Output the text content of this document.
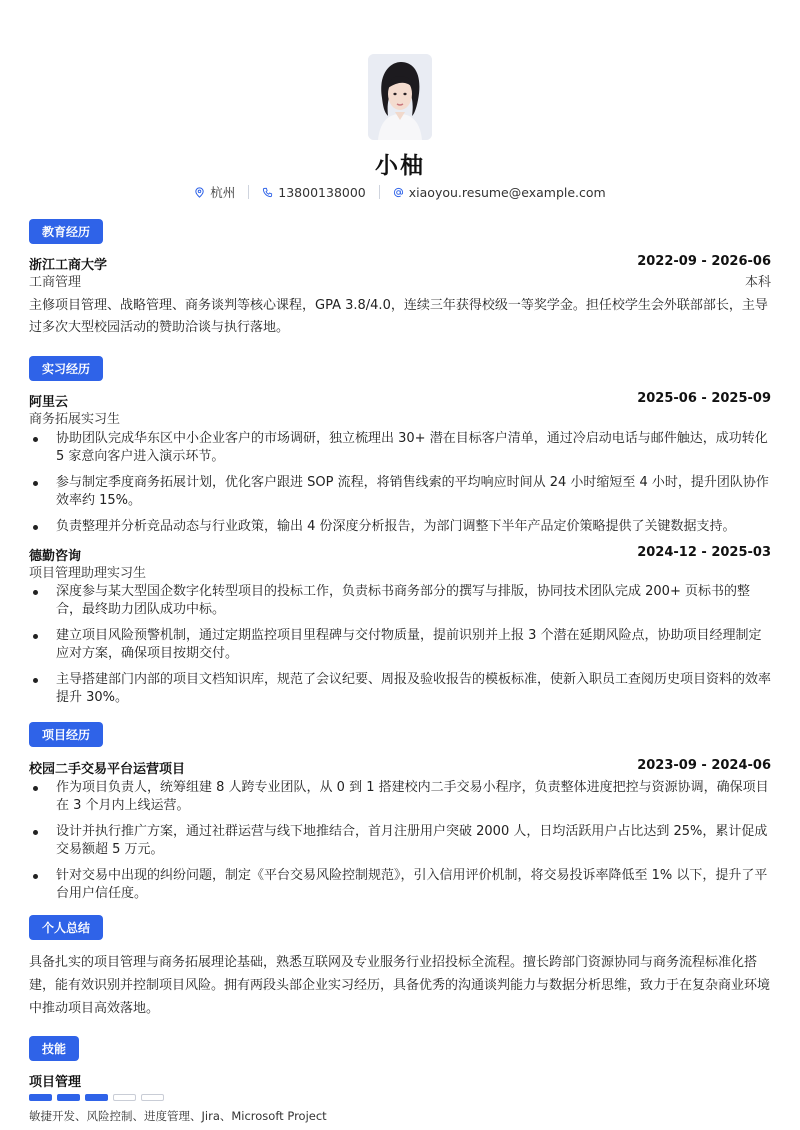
小柚
杭州	13800138000	xiaoyou.resume@example.com
教育经历
浙江工商大学	2022-09 - 2026-06
工商管理	本科
主修项目管理、战略管理、商务谈判等核心课程，GPA 3.8/4.0，连续三年获得校级一等奖学金。担任校学生会外联部部长，主导过多次大型校园活动的赞助洽谈与执行落地。
实习经历
阿里云	2025-06 - 2025-09
商务拓展实习生
协助团队完成华东区中小企业客户的市场调研，独立梳理出 30+ 潜在目标客户清单，通过冷启动电话与邮件触达，成功转化 5 家意向客户进入演示环节。
参与制定季度商务拓展计划，优化客户跟进 SOP 流程，将销售线索的平均响应时间从 24 小时缩短至 4 小时，提升团队协作效率约 15%。
负责整理并分析竞品动态与行业政策，输出 4 份深度分析报告，为部门调整下半年产品定价策略提供了关键数据支持。
德勤咨询	2024-12 - 2025-03
项目管理助理实习生
深度参与某大型国企数字化转型项目的投标工作，负责标书商务部分的撰写与排版，协同技术团队完成 200+ 页标书的整合，最终助力团队成功中标。
建立项目风险预警机制，通过定期监控项目里程碑与交付物质量，提前识别并上报 3 个潜在延期风险点，协助项目经理制定应对方案，确保项目按期交付。
主导搭建部门内部的项目文档知识库，规范了会议纪要、周报及验收报告的模板标准，使新入职员工查阅历史项目资料的效率提升 30%。
项目经历
校园二手交易平台运营项目	2023-09 - 2024-06
作为项目负责人，统筹组建 8 人跨专业团队，从 0 到 1 搭建校内二手交易小程序，负责整体进度把控与资源协调，确保项目在 3 个月内上线运营。
设计并执行推广方案，通过社群运营与线下地推结合，首月注册用户突破 2000 人，日均活跃用户占比达到 25%，累计促成交易额超 5 万元。
针对交易中出现的纠纷问题，制定《平台交易风险控制规范》，引入信用评价机制，将交易投诉率降低至 1% 以下，提升了平台用户信任度。
个人总结
具备扎实的项目管理与商务拓展理论基础，熟悉互联网及专业服务行业招投标全流程。擅长跨部门资源协同与商务流程标准化搭建，能有效识别并控制项目风险。拥有两段头部企业实习经历，具备优秀的沟通谈判能力与数据分析思维，致力于在复杂商业环境中推动项目高效落地。
技能
项目管理
敏捷开发、风险控制、进度管理、Jira、Microsoft Project
